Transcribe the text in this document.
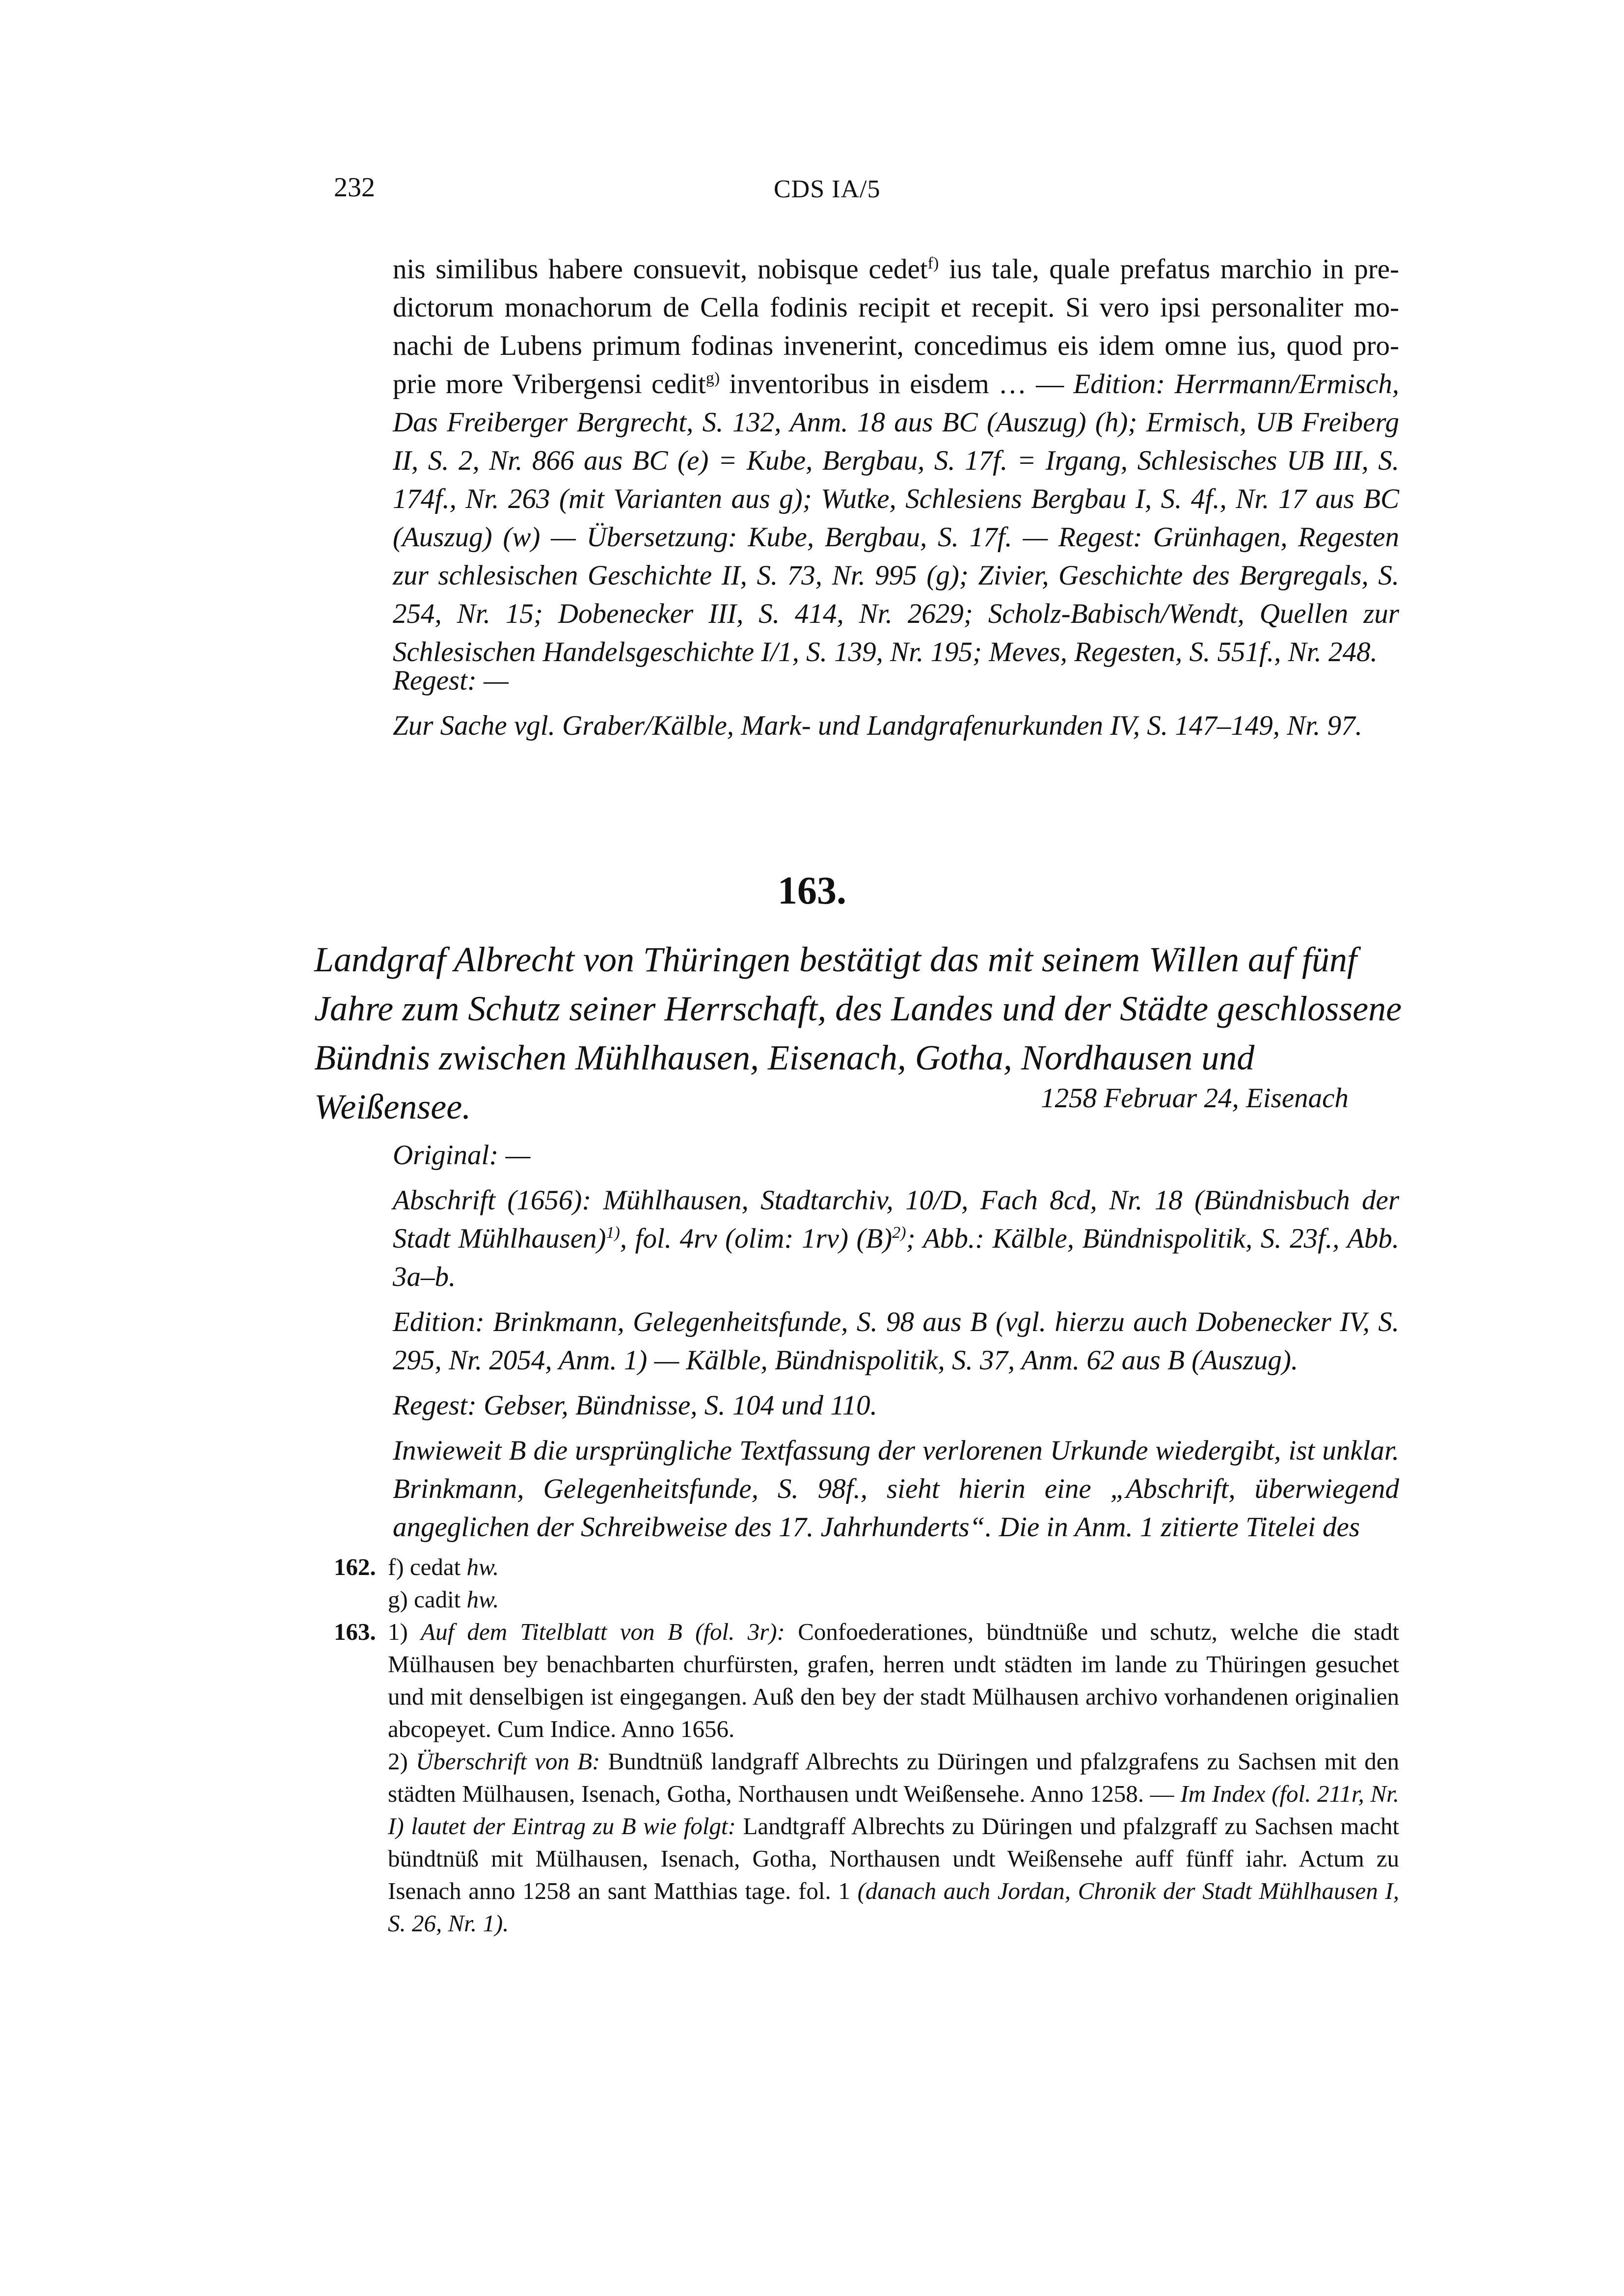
232	CDS IA/5

nis similibus habere consuevit, nobisque cedet$^{f)}$ ius tale, quale prefatus marchio in pre- dictorum monachorum de Cella fodinis recipit et recepit. Si vero ipsi personaliter mo- nachi de Lubens primum fodinas invenerint, concedimus eis idem omne ius, quod pro- prie more Vribergensi cedit$^{g)}$ inventoribus in eisdem … — Edition: Herrmann/Ermisch, Das Freiberger Bergrecht, S. 132, Anm. 18 aus BC (Auszug) (h); Ermisch, UB Freiberg II, S. 2, Nr. 866 aus BC (e) = Kube, Bergbau, S. 17f. = Irgang, Schlesisches UB III, S. 174f., Nr. 263 (mit Varianten aus g); Wutke, Schlesiens Bergbau I, S. 4f., Nr. 17 aus BC (Auszug) (w) — Übersetzung: Kube, Bergbau, S. 17f. — Regest: Grünhagen, Regesten zur schlesischen Geschichte II, S. 73, Nr. 995 (g); Zivier, Geschichte des Bergregals, S. 254, Nr. 15; Dobenecker III, S. 414, Nr. 2629; Scholz-Babisch/Wendt, Quellen zur Schlesischen Handelsgeschichte I/1, S. 139, Nr. 195; Meves, Regesten, S. 551f., Nr. 248.

Regest: —
Zur Sache vgl. Graber/Kälble, Mark- und Landgrafenurkunden IV, S. 147–149, Nr. 97.
163.
Landgraf Albrecht von Thüringen bestätigt das mit seinem Willen auf fünf Jahre zum Schutz seiner Herrschaft, des Landes und der Städte geschlossene Bündnis zwischen Mühlhausen, Eisenach, Gotha, Nordhausen und Weißensee.	1258 Februar 24, Eisenach

Original: —

Abschrift (1656): Mühlhausen, Stadtarchiv, 10/D, Fach 8cd, Nr. 18 (Bündnisbuch der Stadt Mühlhausen)$^{1)}$, fol. 4rv (olim: 1rv) $(B)^{2)}$; Abb.: Kälble, Bündnispolitik, S. 23f., Abb. 3a–b.

Edition: Brinkmann, Gelegenheitsfunde, S. 98 aus B (vgl. hierzu auch Dobenecker IV, S. 295, Nr. 2054, Anm. 1) — Kälble, Bündnispolitik, S. 37, Anm. 62 aus B (Auszug).

Regest: Gebser, Bündnisse, S. 104 und 110.

Inwieweit B die ursprüngliche Textfassung der verlorenen Urkunde wiedergibt, ist unklar. Brinkmann, Gelegenheitsfunde, S. 98f., sieht hierin eine „Abschrift, überwiegend angeglichen der Schreibweise des 17. Jahrhunderts“. Die in Anm. 1 zitierte Titelei des

162. f) cedat hw.

g) cadit hw.

163. 1) Auf dem Titelblatt von B (fol. 3r): Confoederationes, bündtnüße und schutz, welche die stadt Mülhausen bey benachbarten churfürsten, grafen, herren undt städten im lande zu Thüringen gesuchet und mit denselbigen ist eingegangen. Auß den bey der stadt Mülhausen archivo vorhandenen originalien abcopeyet. Cum Indice. Anno 1656.

2) Überschrift von B: Bundtnüß landgraff Albrechts zu Düringen und pfalzgrafens zu Sachsen mit den städten Mülhausen, Isenach, Gotha, Northausen undt Weißensehe. Anno 1258. — Im Index (fol. 211r, Nr. I) lautet der Eintrag zu B wie folgt: Landtgraff Albrechts zu Düringen und pfalzgraff zu Sachsen macht bündtnüß mit Mülhausen, Isenach, Gotha, Northausen undt Weißensehe auff fünff iahr. Actum zu Isenach anno 1258 an sant Matthias tage. fol. 1 (danach auch Jordan, Chronik der Stadt Mühlhausen I, S. 26, Nr. 1).
